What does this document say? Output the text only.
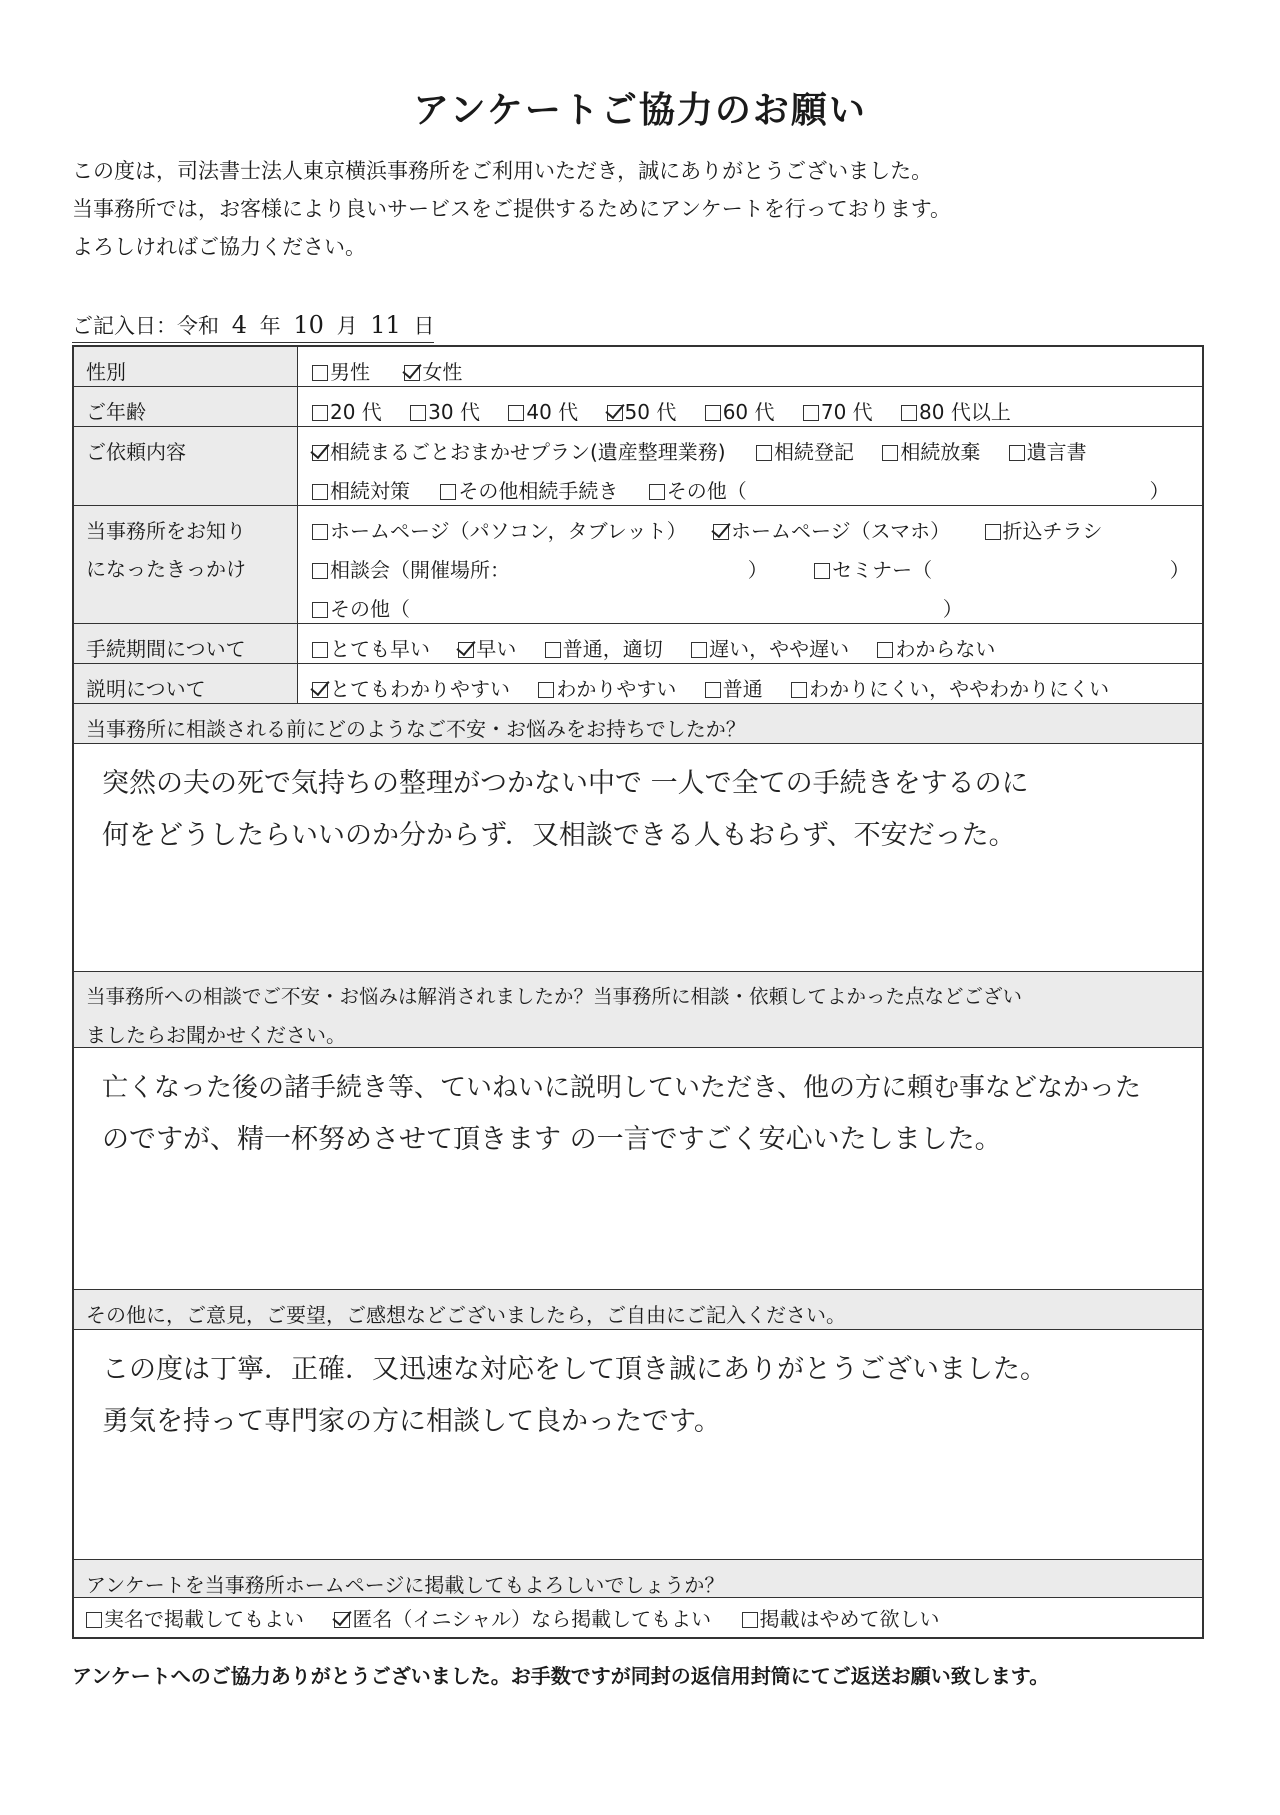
アンケートご協力のお願い
この度は，司法書士法人東京横浜事務所をご利用いただき，誠にありがとうございました。
当事務所では，お客様により良いサービスをご提供するためにアンケートを行っております。
よろしければご協力ください。
ご記入日：令和 4 年 10 月 11 日
性別	男性	女性
ご年齢	20 代 30 代 40 代 50 代 60 代 70 代 80 代以上
ご依頼内容	相続まるごとおまかせプラン(遺産整理業務) 相続登記 相続放棄 遺言書
相続対策 その他相続手続き その他（	）
当事務所をお知り
になったきっかけ
ホームページ（パソコン，タブレット） ホームページ（スマホ）	折込チラシ
相談会（開催場所：	）	セミナー（	）
その他（	）
手続期間について	とても早い 早い 普通，適切 遅い，やや遅い わからない
説明について	とてもわかりやすい わかりやすい 普通 わかりにくい，ややわかりにくい
当事務所に相談される前にどのようなご不安・お悩みをお持ちでしたか？
突然の夫の死で気持ちの整理がつかない中で 一人で全ての手続きをするのに
何をどうしたらいいのか分からず．又相談できる人もおらず、不安だった。
当事務所への相談でご不安・お悩みは解消されましたか？当事務所に相談・依頼してよかった点などござい
ましたらお聞かせください。
亡くなった後の諸手続き等、ていねいに説明していただき、他の方に頼む事などなかった
のですが、精一杯努めさせて頂きます の一言ですごく安心いたしました。
その他に，ご意見，ご要望，ご感想などございましたら，ご自由にご記入ください。
この度は丁寧．正確．又迅速な対応をして頂き誠にありがとうございました。
勇気を持って専門家の方に相談して良かったです。
アンケートを当事務所ホームページに掲載してもよろしいでしょうか？
実名で掲載してもよい 匿名（イニシャル）なら掲載してもよい 掲載はやめて欲しい
アンケートへのご協力ありがとうございました。お手数ですが同封の返信用封筒にてご返送お願い致します。
